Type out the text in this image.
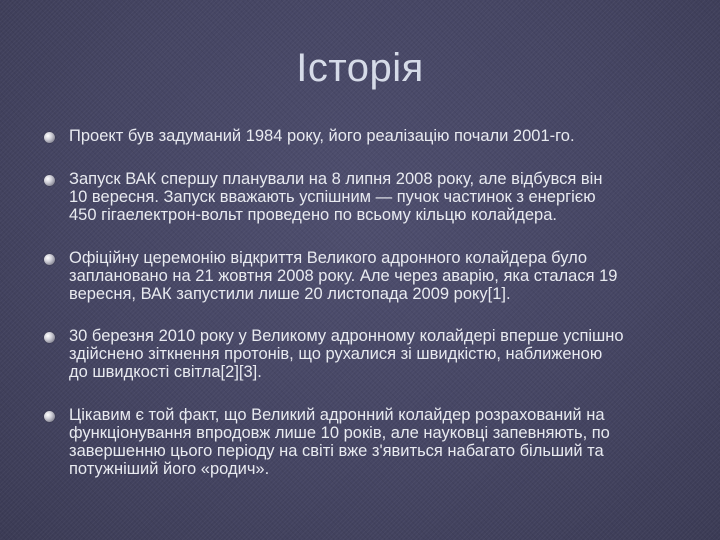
Історія
Проект був задуманий 1984 року, його реалізацію почали 2001-го.
Запуск ВАК спершу планували на 8 липня 2008 року, але відбувся він
10 вересня. Запуск вважають успішним — пучок частинок з енергією
450 гігаелектрон-вольт проведено по всьому кільцю колайдера.
Офіційну церемонію відкриття Великого адронного колайдера було
заплановано на 21 жовтня 2008 року. Але через аварію, яка сталася 19
вересня, ВАК запустили лише 20 листопада 2009 року[1].
30 березня 2010 року у Великому адронному колайдері вперше успішно
здійснено зіткнення протонів, що рухалися зі швидкістю, наближеною
до швидкості світла[2][3].
Цікавим є той факт, що Великий адронний колайдер розрахований на
функціонування впродовж лише 10 років, але науковці запевняють, по
завершенню цього періоду на світі вже з'явиться набагато більший та
потужніший його «родич».
